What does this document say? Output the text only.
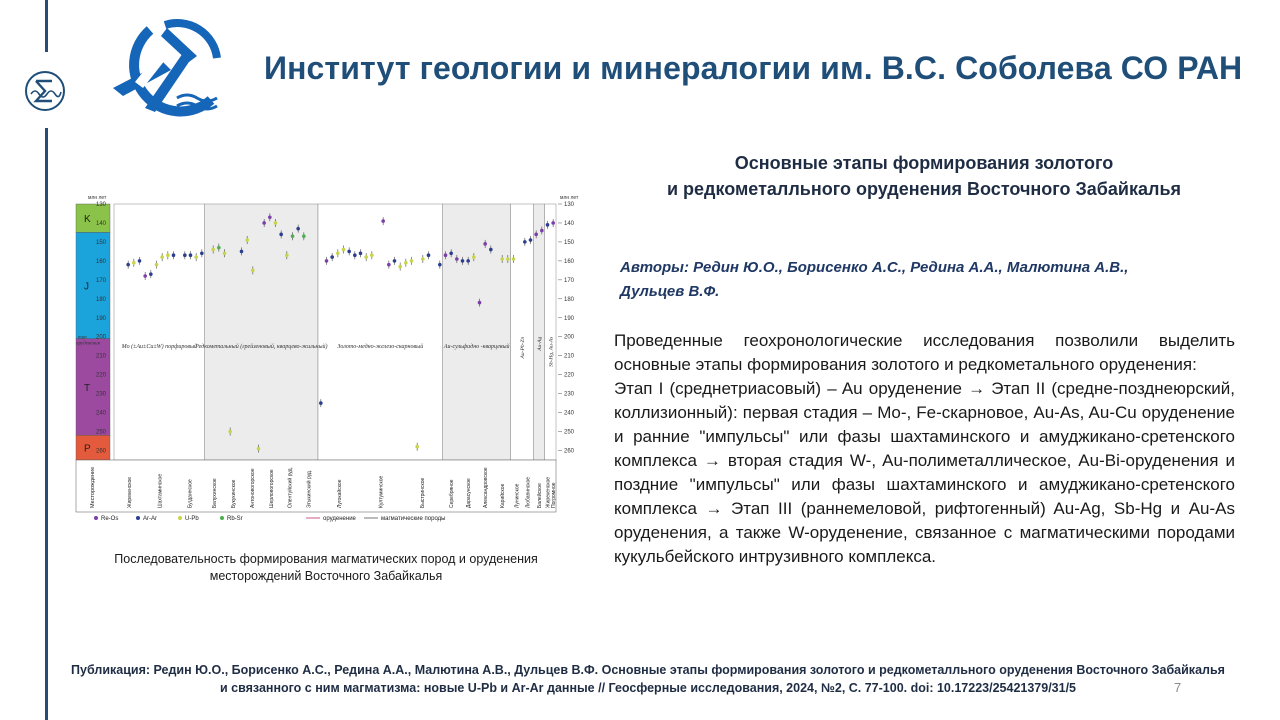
Институт геологии и минералогии им. В.С. Соболева СО РАН
Основные этапы формирования золотого
и редкометалльного оруденения Восточного Забайкалья
Авторы: Редин Ю.О., Борисенко А.С., Редина А.А., Малютина А.В.,
Дульцев В.Ф.

Проведенные геохронологические исследования позволили выделить основные этапы формирования золотого и редкометального оруденения:

Этап I (среднетриасовый) – Au оруденение → Этап II (средне-позднеюрский, коллизионный): первая стадия – Mo-, Fe-скарновое, Au-As, Au-Cu оруденение и ранние "импульсы" или фазы шахтаминского и амуджикано-сретенского комплекса → вторая стадия W-, Au-полиметаллическое, Au-Bi-оруденения и поздние "импульсы" или фазы шахтаминского и амуджикано-сретенского комплекса → Этап III (раннемеловой, рифтогенный) Au-Ag, Sb-Hg и Au-As оруденения, а также W-оруденение, связанное с магматическими породами кукульбейского интрузивного комплекса.

K
J
T
P
тип
оруденения
млн лет	млн лет
130	130
140	140
150	150
160	160
170	170
180	180
190	190
200	200
210	210
220	220
230	230
240	240
250	250
260	260
Mo (±Au±Cu±W) порфировый
Редкометальный (грейзеновый, кварцево-жильный) Золото-медно-железо-скарновый	Au-сульфидно -кварцевый Au-Pb-Zn Au-Ag Sb-Hg, Au-As
Месторождение	Жирекенское	Шахтаминское	Бугдаинское	Белухинское	Букукинское	Антоновогорское	Шерловогорское	Олентуйский руд.	Этыкинский руд.	Лугокайское	Култуминское	Быстринское	Серебряное Дарасунское Александровское Карийское Лунинское Любавинское Балейское Жирекенское Погромное
Re-Os	Ar-Ar	U-Pb	Rb-Sr	оруденение	магматические породы
Последовательность формирования магматических пород и оруденения месторождений Восточного Забайкалья
Публикация: Редин Ю.О., Борисенко А.С., Редина А.А., Малютина А.В., Дульцев В.Ф. Основные этапы формирования золотого и редкометалльного оруденения Восточного Забайкалья и связанного с ним магматизма: новые U-Pb и Ar-Ar данные // Геосферные исследования, 2024, №2, С. 77-100. doi: 10.17223/25421379/31/5	7
